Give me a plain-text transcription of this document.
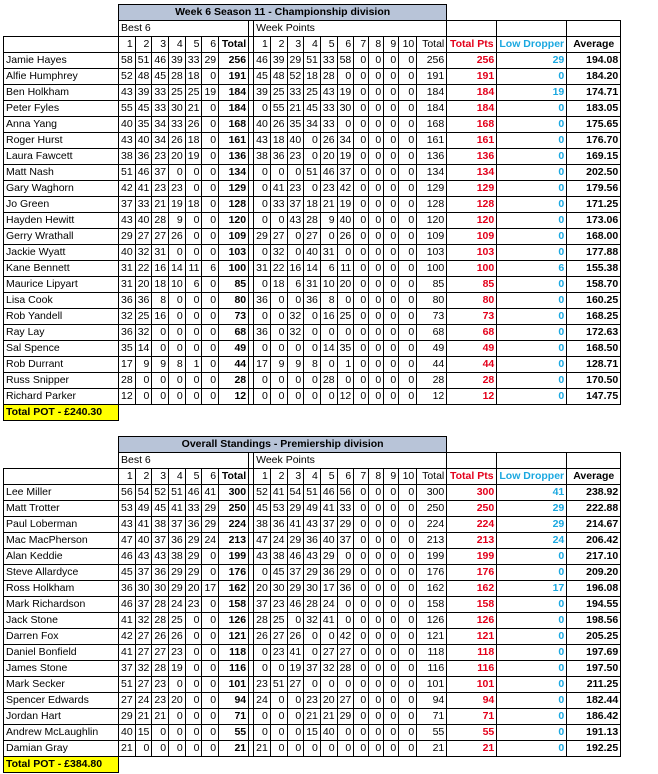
	Week 6 Season 11 - Championship division																					
	Best 6								Week Points													
	1	2	3	4	5	6	Total		1	2	3	4	5	6	7	8	9	10	Total	Total Pts	Low Dropper	Average
Jamie Hayes	58	51	46	39	33	29	256		46	39	29	51	33	58	0	0	0	0	256	256	29	194.08
Alfie Humphrey	52	48	45	28	18	0	191		45	48	52	18	28	0	0	0	0	0	191	191	0	184.20
Ben Holkham	43	39	33	25	25	19	184		39	25	33	25	43	19	0	0	0	0	184	184	19	174.71
Peter Fyles	55	45	33	30	21	0	184		0	55	21	45	33	30	0	0	0	0	184	184	0	183.05
Anna Yang	40	35	34	33	26	0	168		40	26	35	34	33	0	0	0	0	0	168	168	0	175.65
Roger Hurst	43	40	34	26	18	0	161		43	18	40	0	26	34	0	0	0	0	161	161	0	176.70
Laura Fawcett	38	36	23	20	19	0	136		38	36	23	0	20	19	0	0	0	0	136	136	0	169.15
Matt Nash	51	46	37	0	0	0	134		0	0	0	51	46	37	0	0	0	0	134	134	0	202.50
Gary Waghorn	42	41	23	23	0	0	129		0	41	23	0	23	42	0	0	0	0	129	129	0	179.56
Jo Green	37	33	21	19	18	0	128		0	33	37	18	21	19	0	0	0	0	128	128	0	171.25
Hayden Hewitt	43	40	28	9	0	0	120		0	0	43	28	9	40	0	0	0	0	120	120	0	173.06
Gerry Wrathall	29	27	27	26	0	0	109		29	27	0	27	0	26	0	0	0	0	109	109	0	168.00
Jackie Wyatt	40	32	31	0	0	0	103		0	32	0	40	31	0	0	0	0	0	103	103	0	177.88
Kane Bennett	31	22	16	14	11	6	100		31	22	16	14	6	11	0	0	0	0	100	100	6	155.38
Maurice Lipyart	31	20	18	10	6	0	85		0	18	6	31	10	20	0	0	0	0	85	85	0	158.70
Lisa Cook	36	36	8	0	0	0	80		36	0	0	36	8	0	0	0	0	0	80	80	0	160.25
Rob Yandell	32	25	16	0	0	0	73		0	0	32	0	16	25	0	0	0	0	73	73	0	168.25
Ray Lay	36	32	0	0	0	0	68		36	0	32	0	0	0	0	0	0	0	68	68	0	172.63
Sal Spence	35	14	0	0	0	0	49		0	0	0	0	14	35	0	0	0	0	49	49	0	168.50
Rob Durrant	17	9	9	8	1	0	44		17	9	9	8	0	1	0	0	0	0	44	44	0	128.71
Russ Snipper	28	0	0	0	0	0	28		0	0	0	0	28	0	0	0	0	0	28	28	0	170.50
Richard Parker	12	0	0	0	0	0	12		0	0	0	0	0	12	0	0	0	0	12	12	0	147.75
Total POT - £240.30																						
	Overall Standings - Premiership division																					
	Best 6								Week Points													
	1	2	3	4	5	6	Total		1	2	3	4	5	6	7	8	9	10	Total	Total Pts	Low Dropper	Average
Lee Miller	56	54	52	51	46	41	300		52	41	54	51	46	56	0	0	0	0	300	300	41	238.92
Matt Trotter	53	49	45	41	33	29	250		45	53	29	49	41	33	0	0	0	0	250	250	29	222.88
Paul Loberman	43	41	38	37	36	29	224		38	36	41	43	37	29	0	0	0	0	224	224	29	214.67
Mac MacPherson	47	40	37	36	29	24	213		47	24	29	36	40	37	0	0	0	0	213	213	24	206.42
Alan Keddie	46	43	43	38	29	0	199		43	38	46	43	29	0	0	0	0	0	199	199	0	217.10
Steve Allardyce	45	37	36	29	29	0	176		0	45	37	29	36	29	0	0	0	0	176	176	0	209.20
Ross Holkham	36	30	30	29	20	17	162		20	30	29	30	17	36	0	0	0	0	162	162	17	196.08
Mark Richardson	46	37	28	24	23	0	158		37	23	46	28	24	0	0	0	0	0	158	158	0	194.55
Jack Stone	41	32	28	25	0	0	126		28	25	0	32	41	0	0	0	0	0	126	126	0	198.56
Darren Fox	42	27	26	26	0	0	121		26	27	26	0	0	42	0	0	0	0	121	121	0	205.25
Daniel Bonfield	41	27	27	23	0	0	118		0	23	41	0	27	27	0	0	0	0	118	118	0	197.69
James Stone	37	32	28	19	0	0	116		0	0	19	37	32	28	0	0	0	0	116	116	0	197.50
Mark Secker	51	27	23	0	0	0	101		23	51	27	0	0	0	0	0	0	0	101	101	0	211.25
Spencer Edwards	27	24	23	20	0	0	94		24	0	0	23	20	27	0	0	0	0	94	94	0	182.44
Jordan Hart	29	21	21	0	0	0	71		0	0	0	21	21	29	0	0	0	0	71	71	0	186.42
Andrew McLaughlin	40	15	0	0	0	0	55		0	0	0	15	40	0	0	0	0	0	55	55	0	191.13
Damian Gray	21	0	0	0	0	0	21		21	0	0	0	0	0	0	0	0	0	21	21	0	192.25
Total POT - £384.80																						
